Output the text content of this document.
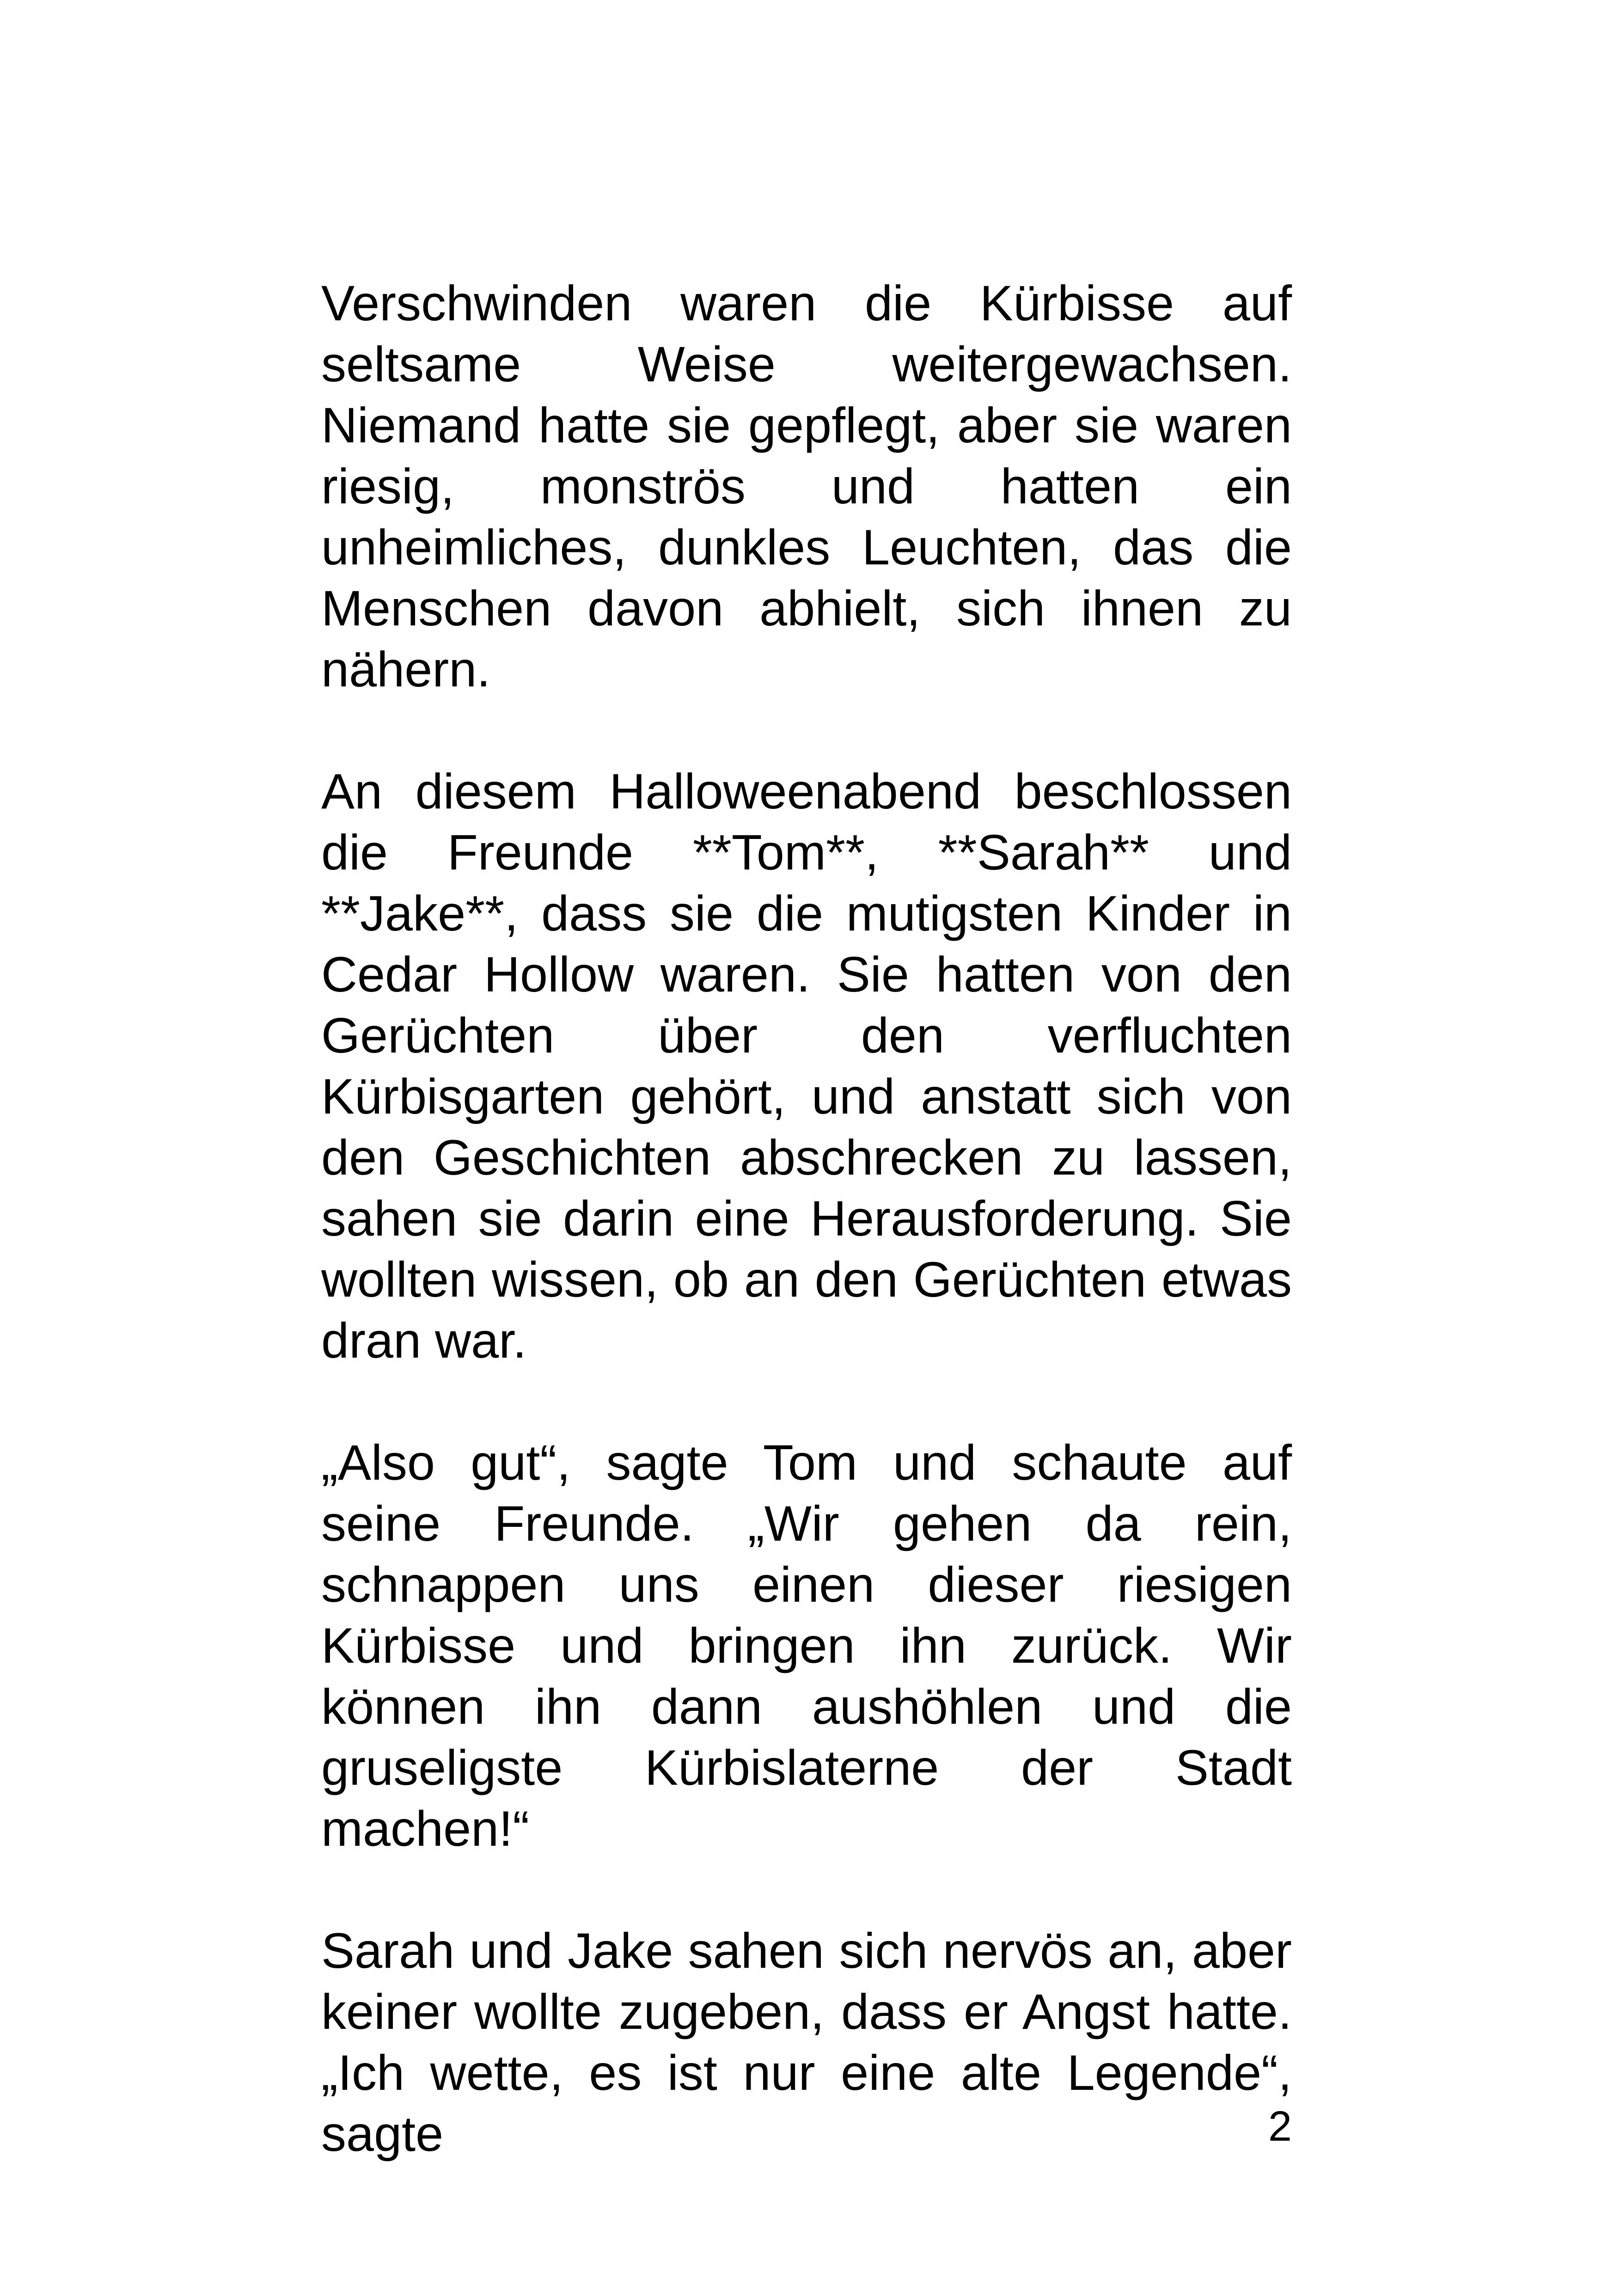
Verschwinden waren die Kürbisse auf seltsame Weise weitergewachsen. Niemand hatte sie gepflegt, aber sie waren riesig, monströs und hatten ein unheimliches, dunkles Leuchten, das die Menschen davon abhielt, sich ihnen zu nähern.

An diesem Halloweenabend beschlossen die Freunde **Tom**, **Sarah** und **Jake**, dass sie die mutigsten Kinder in Cedar Hollow waren. Sie hatten von den Gerüchten über den verfluchten Kürbisgarten gehört, und anstatt sich von den Geschichten abschrecken zu lassen, sahen sie darin eine Herausforderung. Sie wollten wissen, ob an den Gerüchten etwas dran war.

„Also gut“, sagte Tom und schaute auf seine Freunde. „Wir gehen da rein, schnappen uns einen dieser riesigen Kürbisse und bringen ihn zurück. Wir können ihn dann aushöhlen und die gruseligste Kürbislaterne der Stadt machen!“

Sarah und Jake sahen sich nervös an, aber keiner wollte zugeben, dass er Angst hatte. „Ich wette, es ist nur eine alte Legende“, sagte	2
